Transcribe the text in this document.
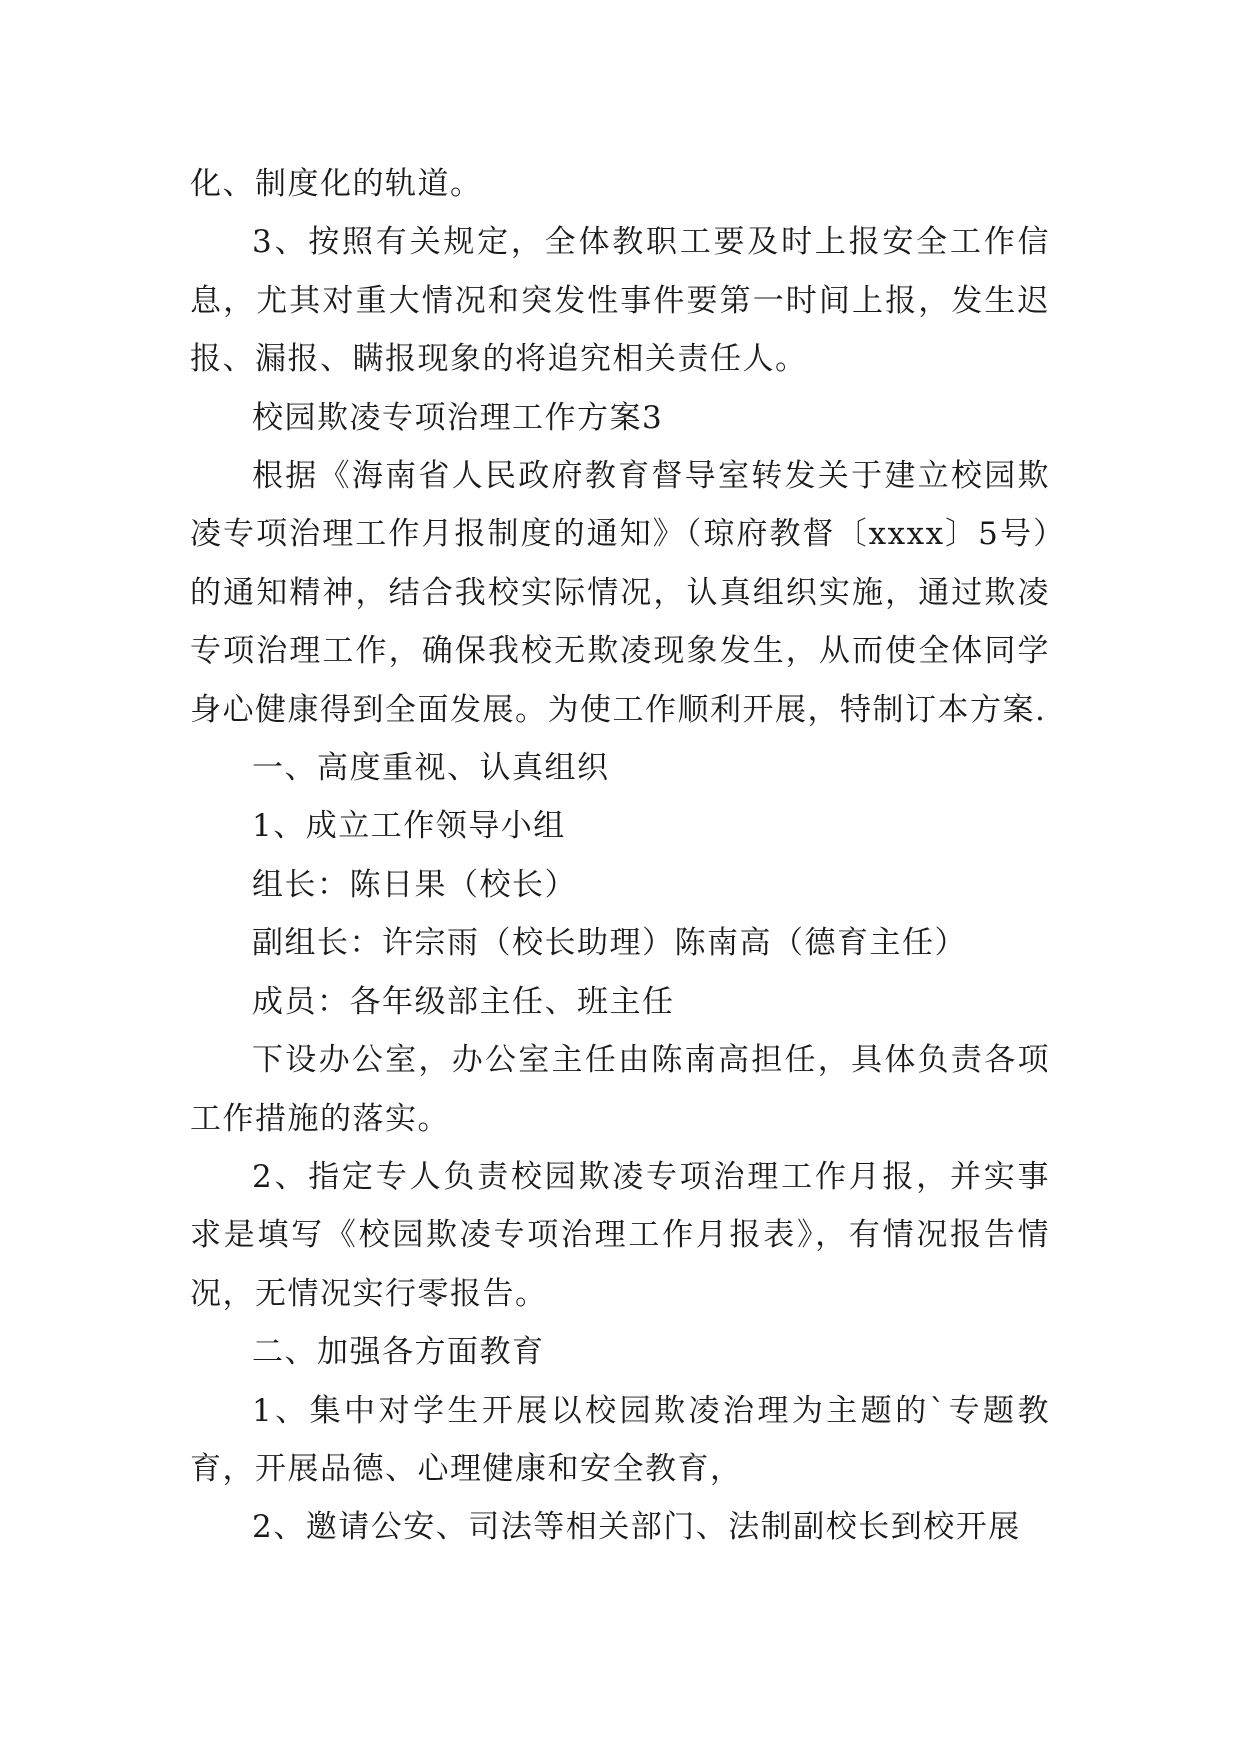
化、制度化的轨道。

3、按照有关规定，全体教职工要及时上报安全工作信息，尤其对重大情况和突发性事件要第一时间上报，发生迟报、漏报、瞒报现象的将追究相关责任人。

校园欺凌专项治理工作方案3

根据《海南省人民政府教育督导室转发关于建立校园欺凌专项治理工作月报制度的通知》（琼府教督〔xxxx〕5号）的通知精神，结合我校实际情况，认真组织实施，通过欺凌专项治理工作，确保我校无欺凌现象发生，从而使全体同学身心健康得到全面发展。为使工作顺利开展，特制订本方案.

一、高度重视、认真组织

1、成立工作领导小组

组长：陈日果（校长）

副组长：许宗雨（校长助理）陈南高（德育主任）

成员：各年级部主任、班主任

下设办公室，办公室主任由陈南高担任，具体负责各项工作措施的落实。

2、指定专人负责校园欺凌专项治理工作月报，并实事求是填写《校园欺凌专项治理工作月报表》，有情况报告情况，无情况实行零报告。

二、加强各方面教育

1、集中对学生开展以校园欺凌治理为主题的`专题教育，开展品德、心理健康和安全教育，

2、邀请公安、司法等相关部门、法制副校长到校开展
